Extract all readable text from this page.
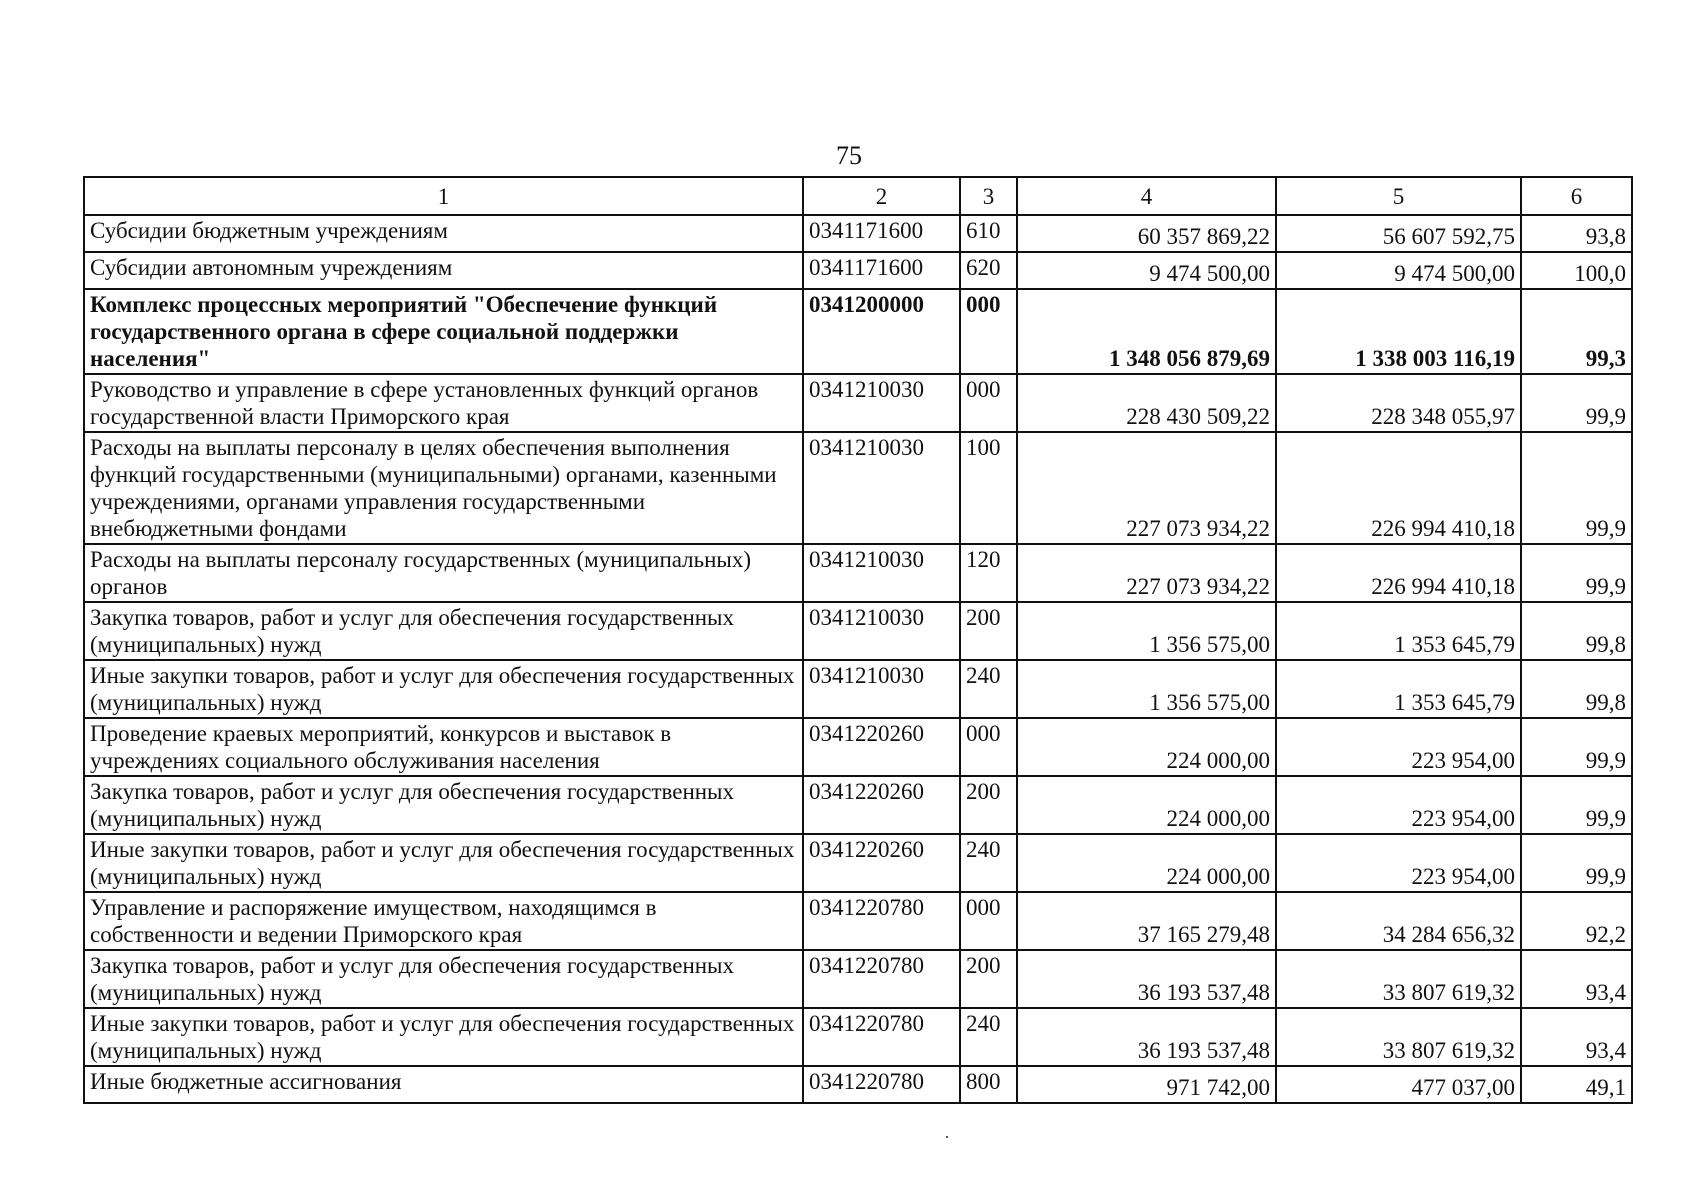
75
1	2	3	4	5	6
Субсидии бюджетным учреждениям	0341171600	610	60 357 869,22	56 607 592,75	93,8
Субсидии автономным учреждениям	0341171600	620	9 474 500,00	9 474 500,00	100,0
Комплекс процессных мероприятий "Обеспечение функций государственного органа в сфере социальной поддержки населения"	0341200000	000	1 348 056 879,69	1 338 003 116,19	99,3
Руководство и управление в сфере установленных функций органов государственной власти Приморского края	0341210030	000	228 430 509,22	228 348 055,97	99,9
Расходы на выплаты персоналу в целях обеспечения выполнения функций государственными (муниципальными) органами, казенными учреждениями, органами управления государственными внебюджетными фондами	0341210030	100	227 073 934,22	226 994 410,18	99,9
Расходы на выплаты персоналу государственных (муниципальных) органов	0341210030	120	227 073 934,22	226 994 410,18	99,9
Закупка товаров, работ и услуг для обеспечения государственных (муниципальных) нужд	0341210030	200	1 356 575,00	1 353 645,79	99,8
Иные закупки товаров, работ и услуг для обеспечения государственных (муниципальных) нужд	0341210030	240	1 356 575,00	1 353 645,79	99,8
Проведение краевых мероприятий, конкурсов и выставок в учреждениях социального обслуживания населения	0341220260	000	224 000,00	223 954,00	99,9
Закупка товаров, работ и услуг для обеспечения государственных (муниципальных) нужд	0341220260	200	224 000,00	223 954,00	99,9
Иные закупки товаров, работ и услуг для обеспечения государственных (муниципальных) нужд	0341220260	240	224 000,00	223 954,00	99,9
Управление и распоряжение имуществом, находящимся в собственности и ведении Приморского края	0341220780	000	37 165 279,48	34 284 656,32	92,2
Закупка товаров, работ и услуг для обеспечения государственных (муниципальных) нужд	0341220780	200	36 193 537,48	33 807 619,32	93,4
Иные закупки товаров, работ и услуг для обеспечения государственных (муниципальных) нужд	0341220780	240	36 193 537,48	33 807 619,32	93,4
Иные бюджетные ассигнования	0341220780	800	971 742,00	477 037,00	49,1
